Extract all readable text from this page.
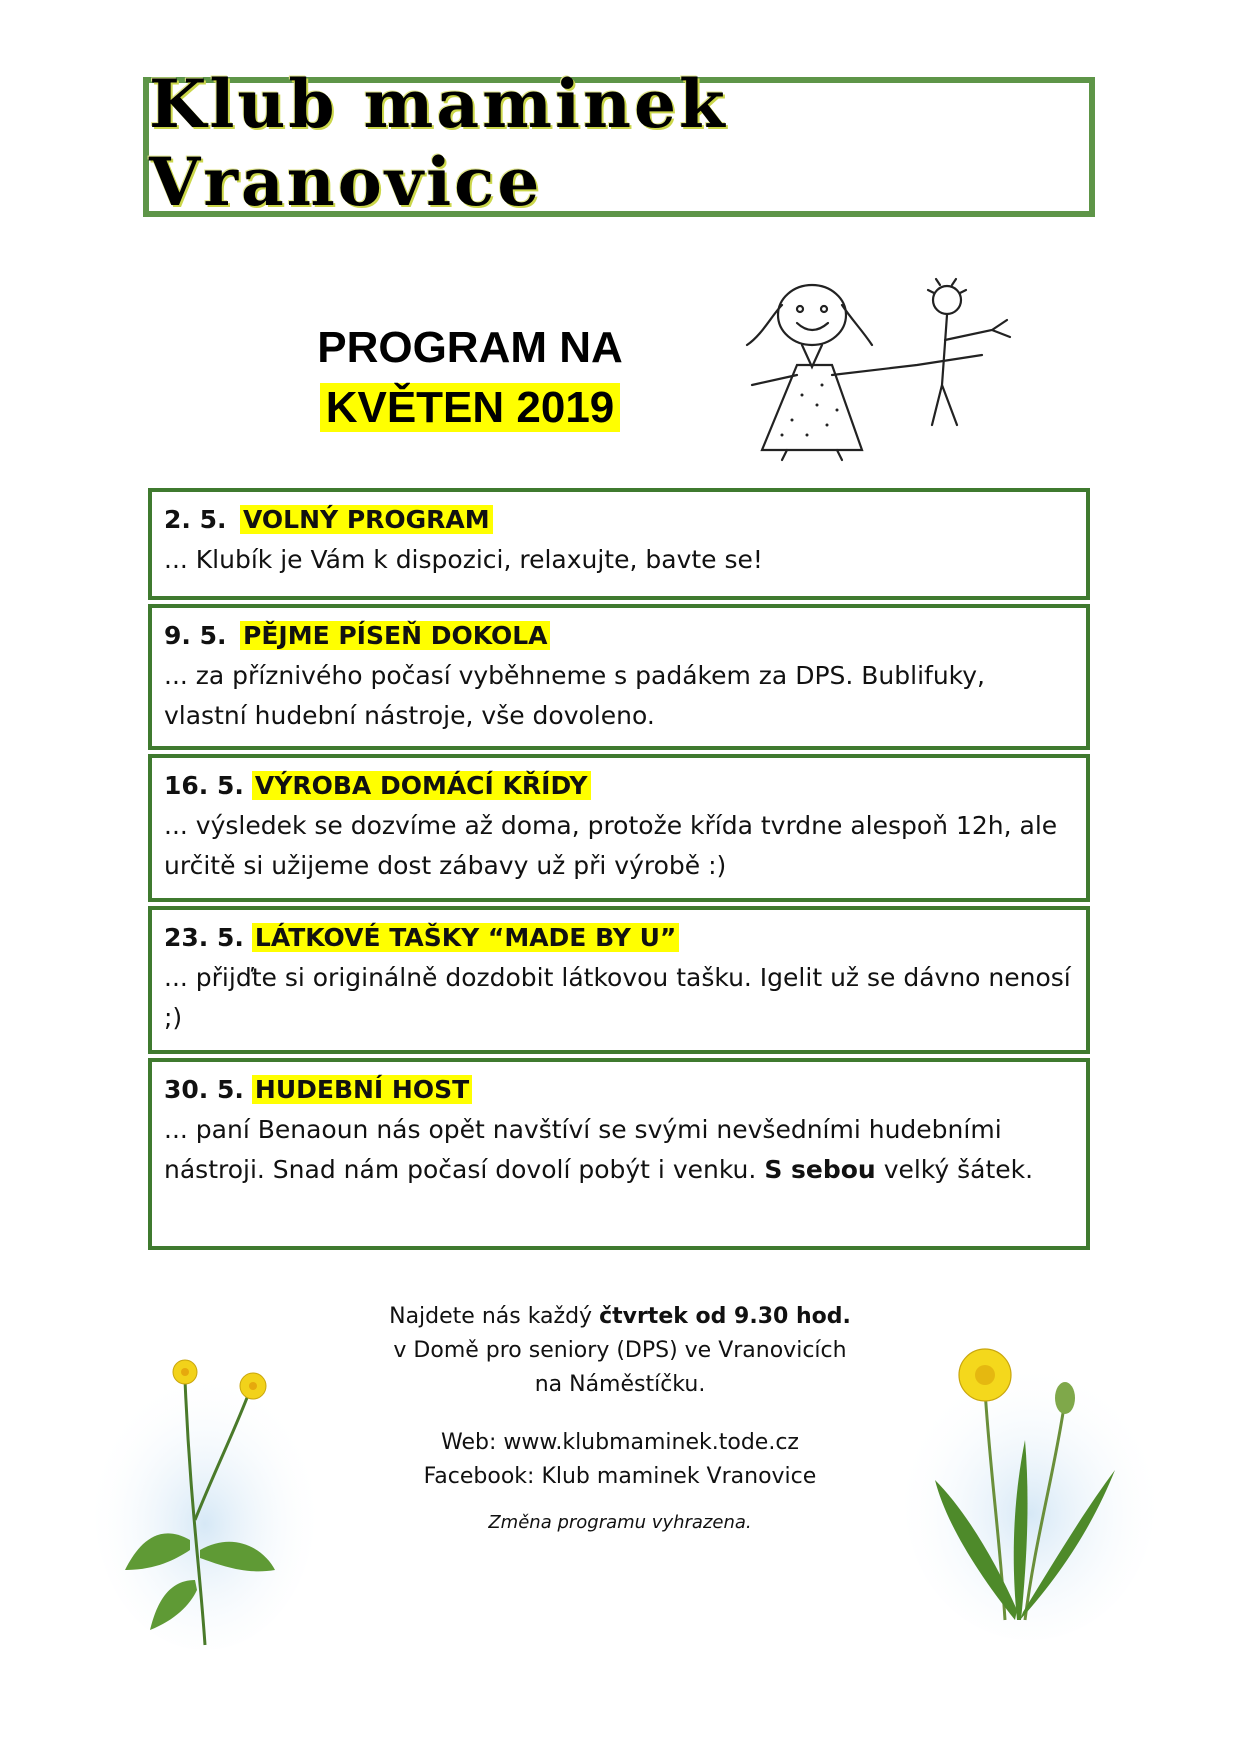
Klub maminek Vranovice
PROGRAM NA
KVĚTEN 2019
2. 5. VOLNÝ PROGRAM
... Klubík je Vám k dispozici, relaxujte, bavte se!
9. 5. PĚJME PÍSEŇ DOKOLA
... za příznivého počasí vyběhneme s padákem za DPS. Bublifuky, vlastní hudební nástroje, vše dovoleno.
16. 5. VÝROBA DOMÁCÍ KŘÍDY
... výsledek se dozvíme až doma, protože křída tvrdne alespoň 12h, ale určitě si užijeme dost zábavy už při výrobě :)
23. 5. LÁTKOVÉ TAŠKY “MADE BY U”
... přijďte si originálně dozdobit látkovou tašku. Igelit už se dávno nenosí ;)
30. 5. HUDEBNÍ HOST
... paní Benaoun nás opět navštíví se svými nevšedními hudebními nástroji. Snad nám počasí dovolí pobýt i venku. S sebou velký šátek.
Najdete nás každý čtvrtek od 9.30 hod.
v Domě pro seniory (DPS) ve Vranovicích
na Náměstíčku.
Web: www.klubmaminek.tode.cz
Facebook: Klub maminek Vranovice
Změna programu vyhrazena.
